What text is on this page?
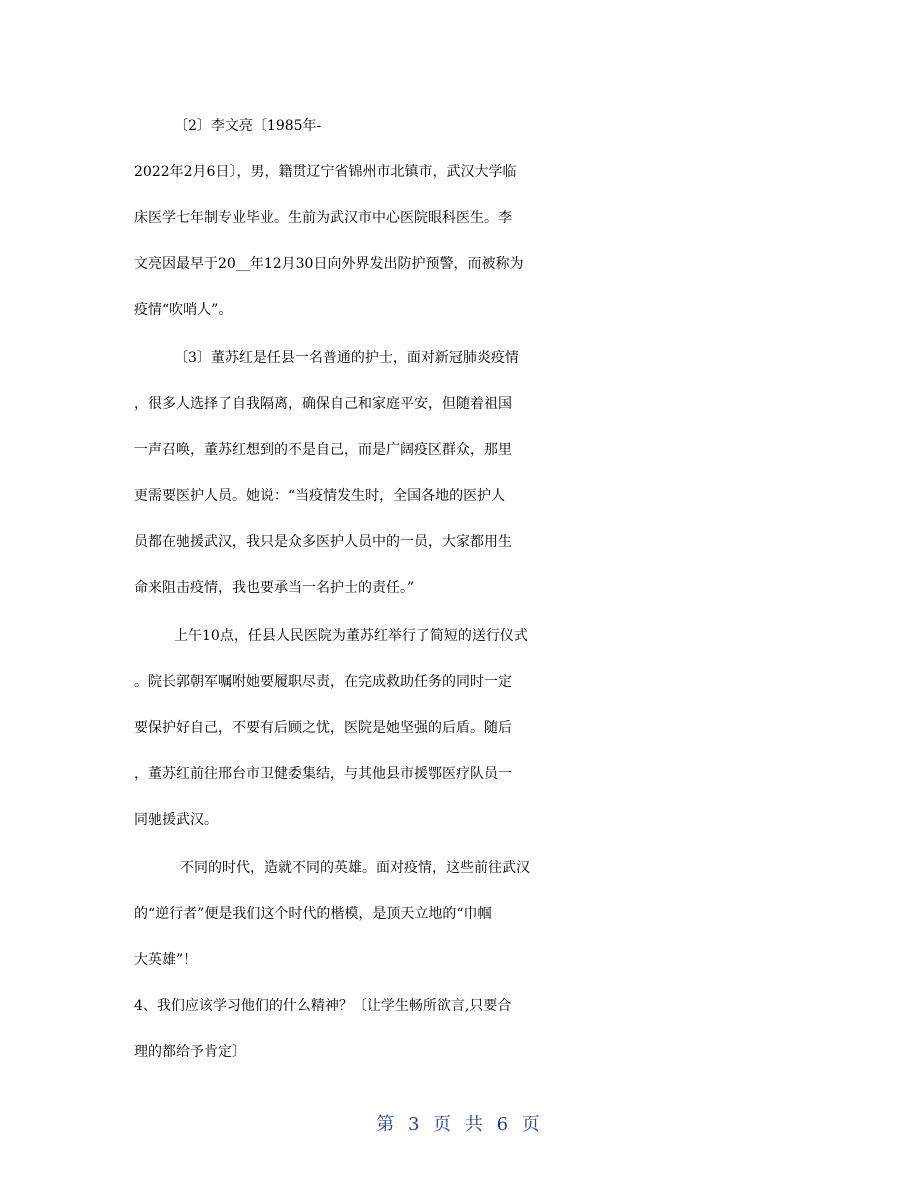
〔2〕李文亮〔1985年-
2022年2月6日〕，男，籍贯辽宁省锦州市北镇市，武汉大学临
床医学七年制专业毕业。生前为武汉市中心医院眼科医生。李
文亮因最早于20__年12月30日向外界发出防护预警，而被称为
疫情“吹哨人”。
〔3〕董苏红是任县一名普通的护士，面对新冠肺炎疫情
，很多人选择了自我隔离，确保自己和家庭平安，但随着祖国
一声召唤，董苏红想到的不是自己，而是广阔疫区群众，那里
更需要医护人员。她说：“当疫情发生时，全国各地的医护人
员都在驰援武汉，我只是众多医护人员中的一员，大家都用生
命来阻击疫情，我也要承当一名护士的责任。”
上午10点，任县人民医院为董苏红举行了简短的送行仪式
。院长郭朝军嘱咐她要履职尽责，在完成救助任务的同时一定
要保护好自己，不要有后顾之忧，医院是她坚强的后盾。随后
，董苏红前往邢台市卫健委集结，与其他县市援鄂医疗队员一
同驰援武汉。
不同的时代，造就不同的英雄。面对疫情，这些前往武汉
的“逆行者”便是我们这个时代的楷模，是顶天立地的“巾帼
大英雄”！
4、我们应该学习他们的什么精神？〔让学生畅所欲言,只要合
理的都给予肯定〕
第 3 页 共 6 页
